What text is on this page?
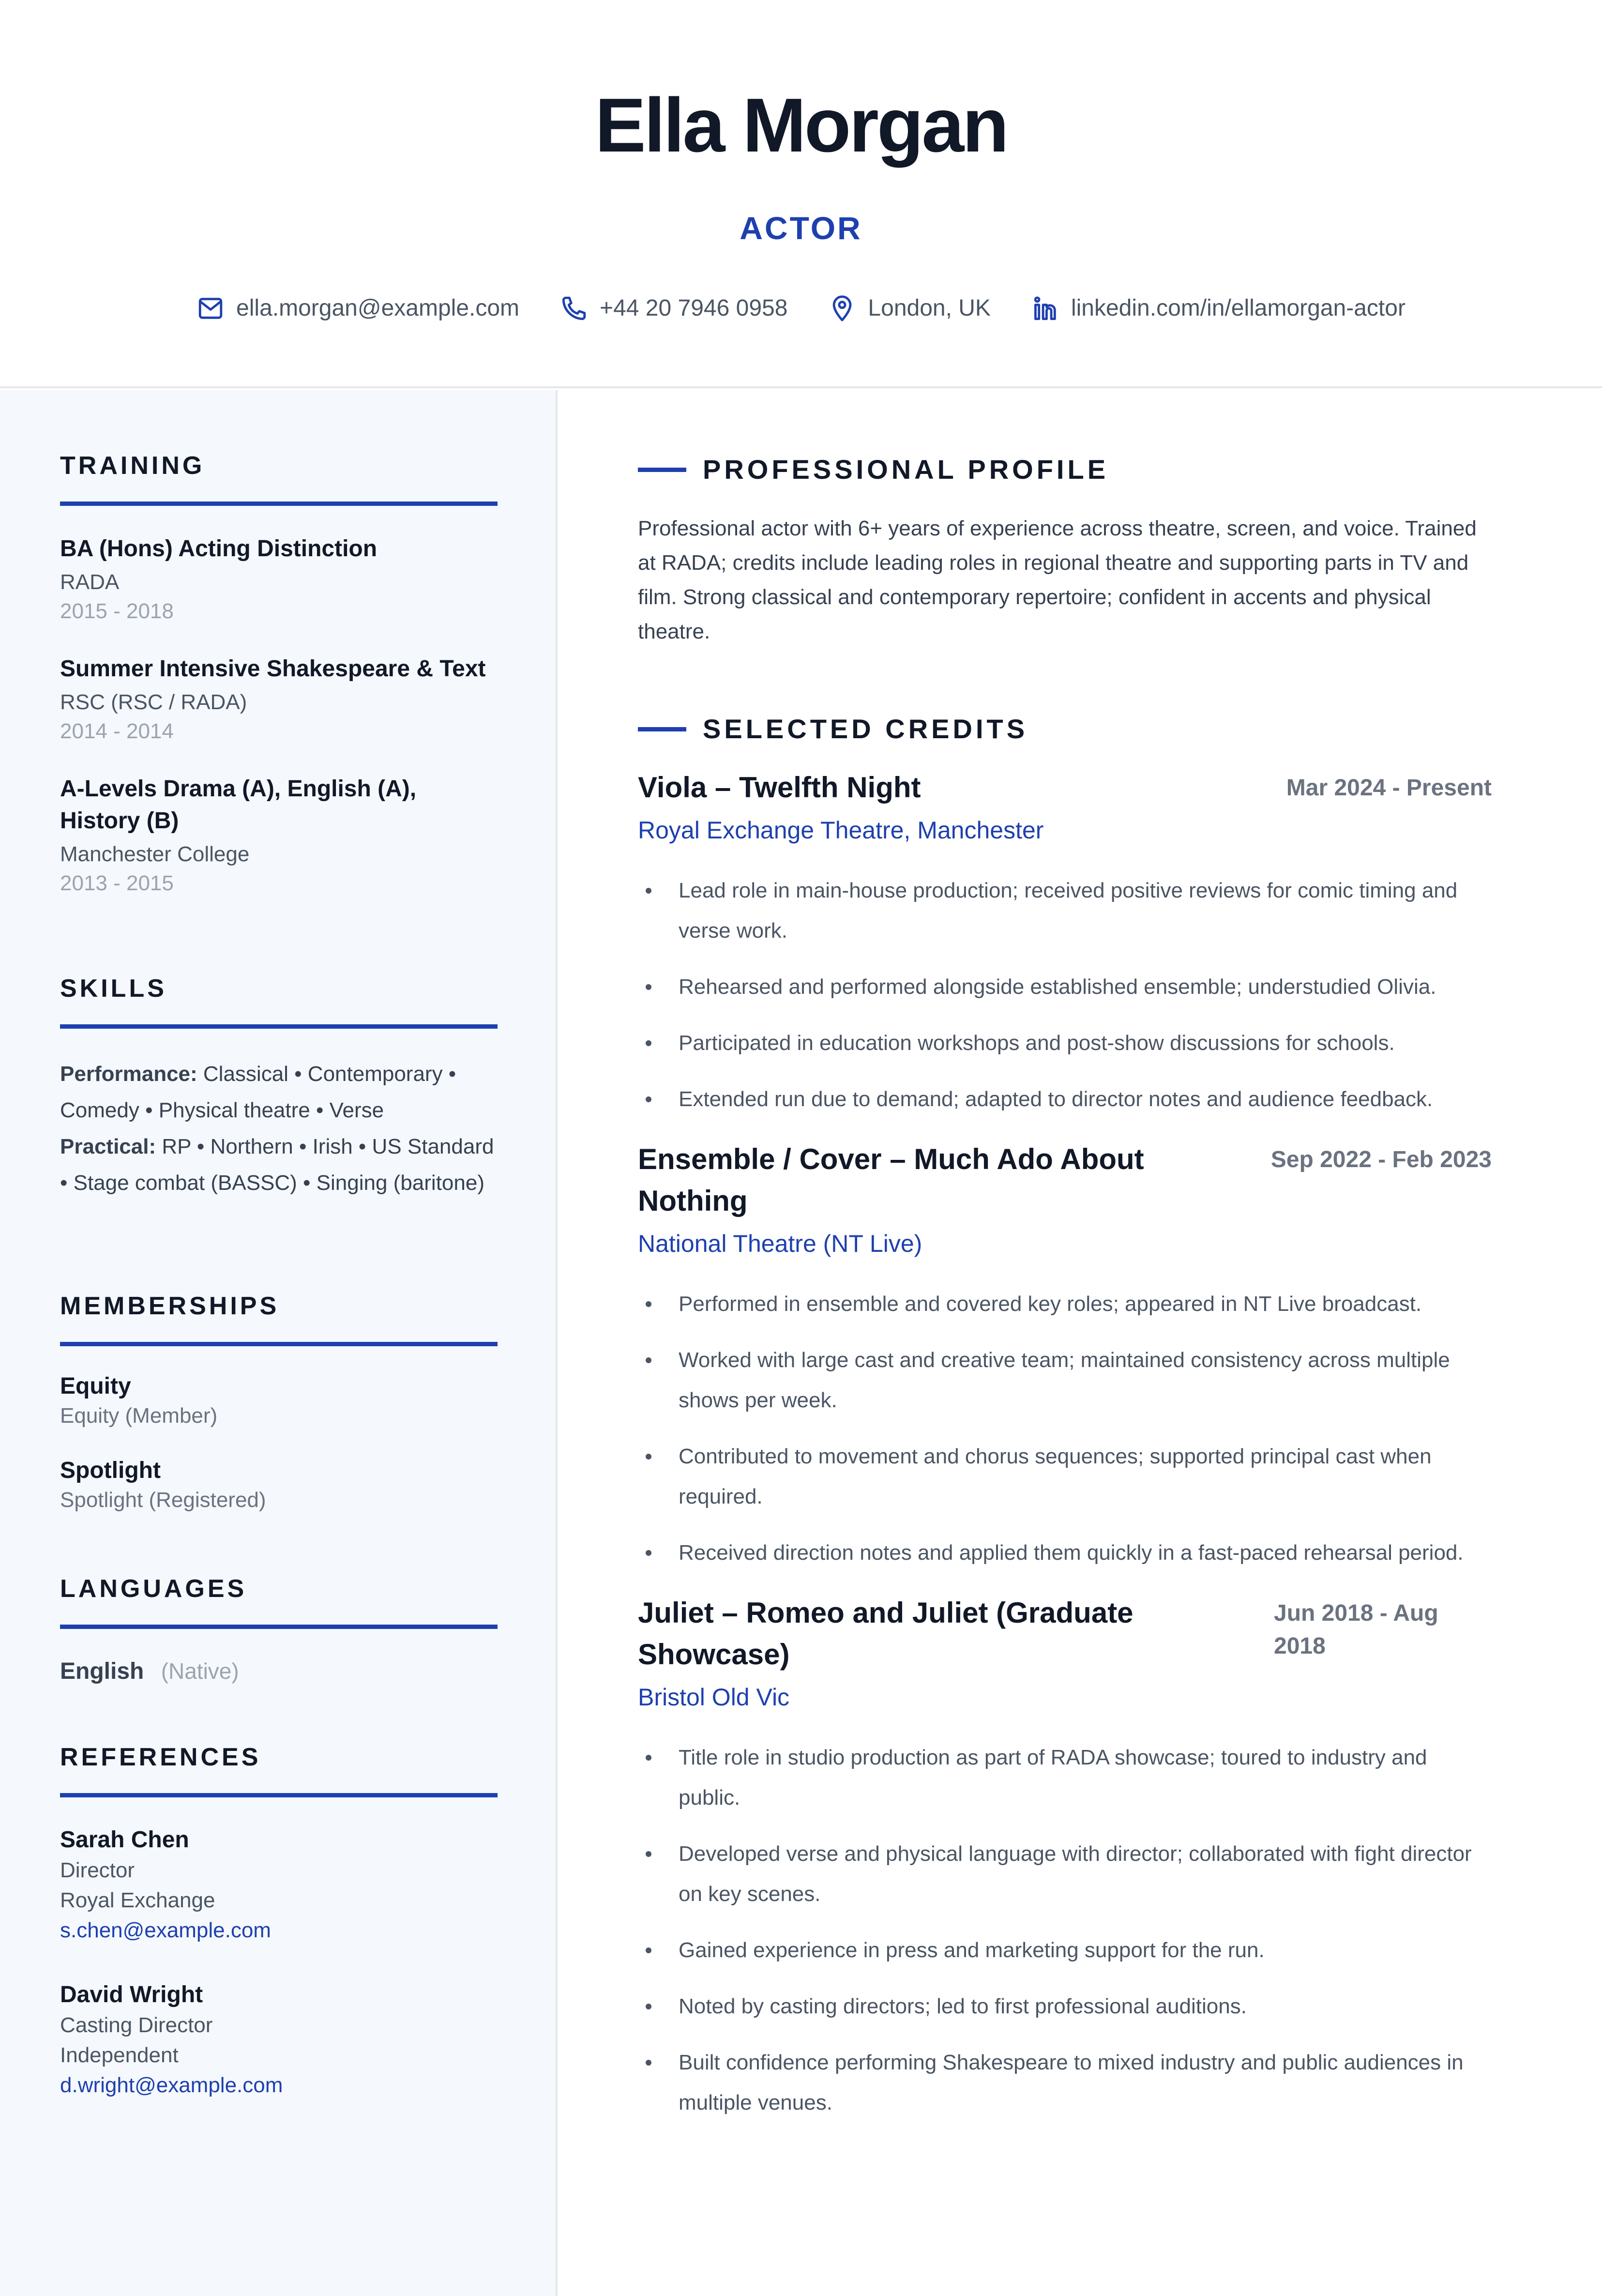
Ella Morgan
ACTOR
ella.morgan@example.com	+44 20 7946 0958	London, UK	linkedin.com/in/ellamorgan-actor
TRAINING
BA (Hons) Acting Distinction
RADA
2015 - 2018
Summer Intensive Shakespeare & Text
RSC (RSC / RADA)
2014 - 2014
A-Levels Drama (A), English (A), History (B)
Manchester College
2013 - 2015
SKILLS
Performance: Classical • Contemporary • Comedy • Physical theatre • Verse
Practical: RP • Northern • Irish • US Standard • Stage combat (BASSC) • Singing (baritone)
MEMBERSHIPS
Equity
Equity (Member)
Spotlight
Spotlight (Registered)
LANGUAGES
English (Native)
REFERENCES
Sarah Chen
Director
Royal Exchange
s.chen@example.com
David Wright
Casting Director
Independent
d.wright@example.com
PROFESSIONAL PROFILE

Professional actor with 6+ years of experience across theatre, screen, and voice. Trained at RADA; credits include leading roles in regional theatre and supporting parts in TV and film. Strong classical and contemporary repertoire; confident in accents and physical theatre.

SELECTED CREDITS
Viola – Twelfth Night	Mar 2024 - Present
Royal Exchange Theatre, Manchester
Lead role in main-house production; received positive reviews for comic timing and verse work.
Rehearsed and performed alongside established ensemble; understudied Olivia.
Participated in education workshops and post-show discussions for schools.
Extended run due to demand; adapted to director notes and audience feedback.
Ensemble / Cover – Much Ado About Nothing
Sep 2022 - Feb 2023
National Theatre (NT Live)
Performed in ensemble and covered key roles; appeared in NT Live broadcast.
Worked with large cast and creative team; maintained consistency across multiple shows per week.
Contributed to movement and chorus sequences; supported principal cast when required.
Received direction notes and applied them quickly in a fast-paced rehearsal period.
Juliet – Romeo and Juliet (Graduate Showcase)
Jun 2018 - Aug 2018
Bristol Old Vic
Title role in studio production as part of RADA showcase; toured to industry and public.
Developed verse and physical language with director; collaborated with fight director on key scenes.
Gained experience in press and marketing support for the run.
Noted by casting directors; led to first professional auditions.
Built confidence performing Shakespeare to mixed industry and public audiences in multiple venues.
